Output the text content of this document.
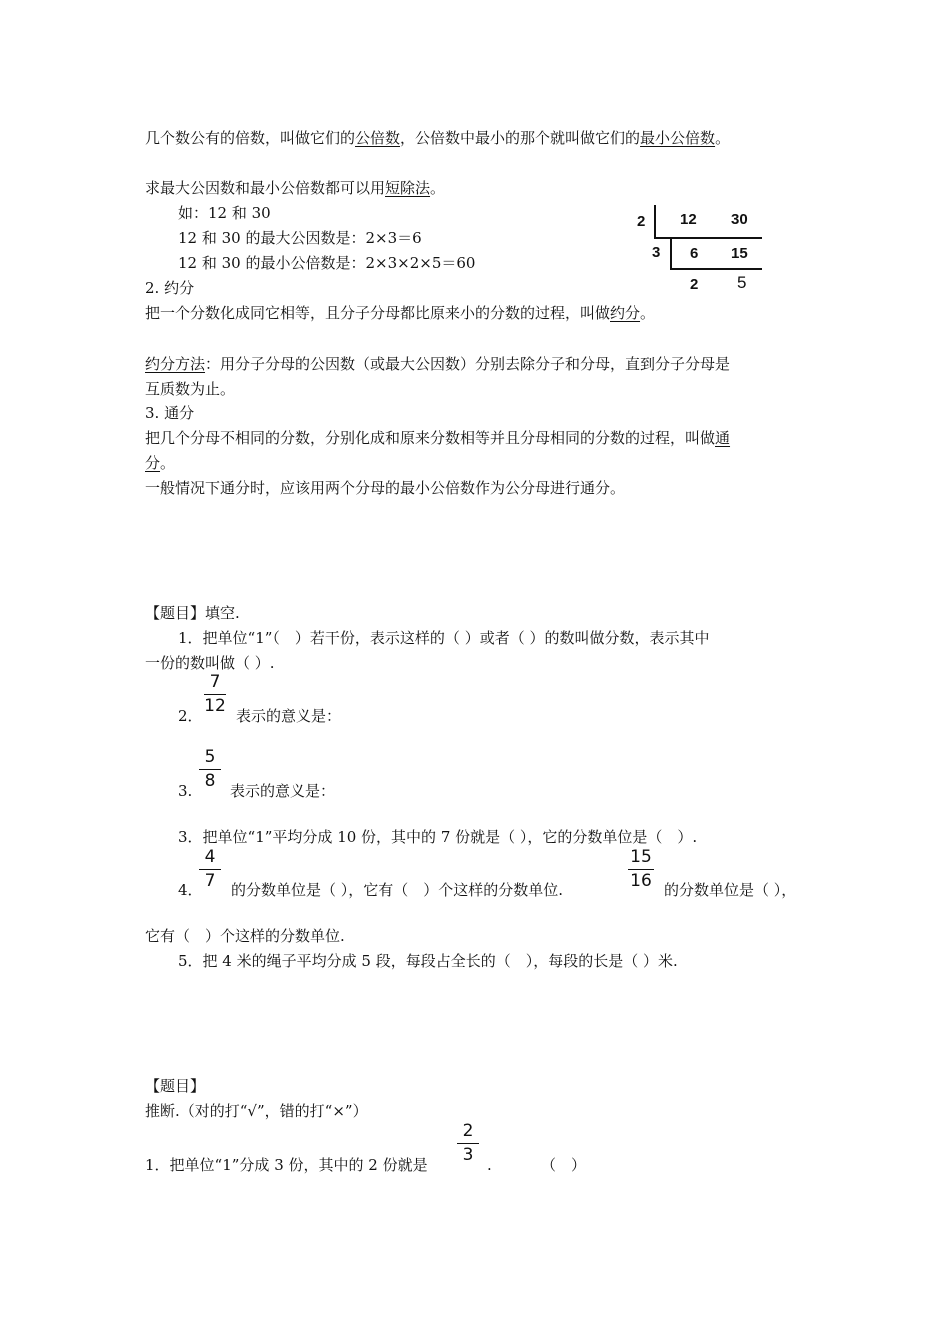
几个数公有的倍数，叫做它们的公倍数，公倍数中最小的那个就叫做它们的最小公倍数。
求最大公因数和最小公倍数都可以用短除法。
如：12 和 30
12 和 30 的最大公因数是：2×3＝6
12 和 30 的最小公倍数是：2×3×2×5＝60
2 12 30
3 6 15
2 5
2. 约分
把一个分数化成同它相等，且分子分母都比原来小的分数的过程，叫做约分。
约分方法：用分子分母的公因数（或最大公因数）分别去除分子和分母，直到分子分母是
互质数为止。
3. 通分
把几个分母不相同的分数，分别化成和原来分数相等并且分母相同的分数的过程，叫做通
分。
一般情况下通分时，应该用两个分母的最小公倍数作为公分母进行通分。
【题目】填空.
1．把单位“1”（　）若干份，表示这样的（ ）或者（ ）的数叫做分数，表示其中
一份的数叫做（ ）.
2．
7
12 表示的意义是：
3.
5
8 表示的意义是：
3．把单位“1”平均分成 10 份，其中的 7 份就是（ ），它的分数单位是（　）.
4．
4
7	的分数单位是（ ），它有（　）个这样的分数单位.
15
16 的分数单位是（ ），
它有（　）个这样的分数单位.
5．把 4 米的绳子平均分成 5 段，每段占全长的（　），每段的长是（ ）米.
【题目】
推断.（对的打“√”，错的打“×”）
1．把单位“1”分成 3 份，其中的 2 份就是
2
3 .	（　）
